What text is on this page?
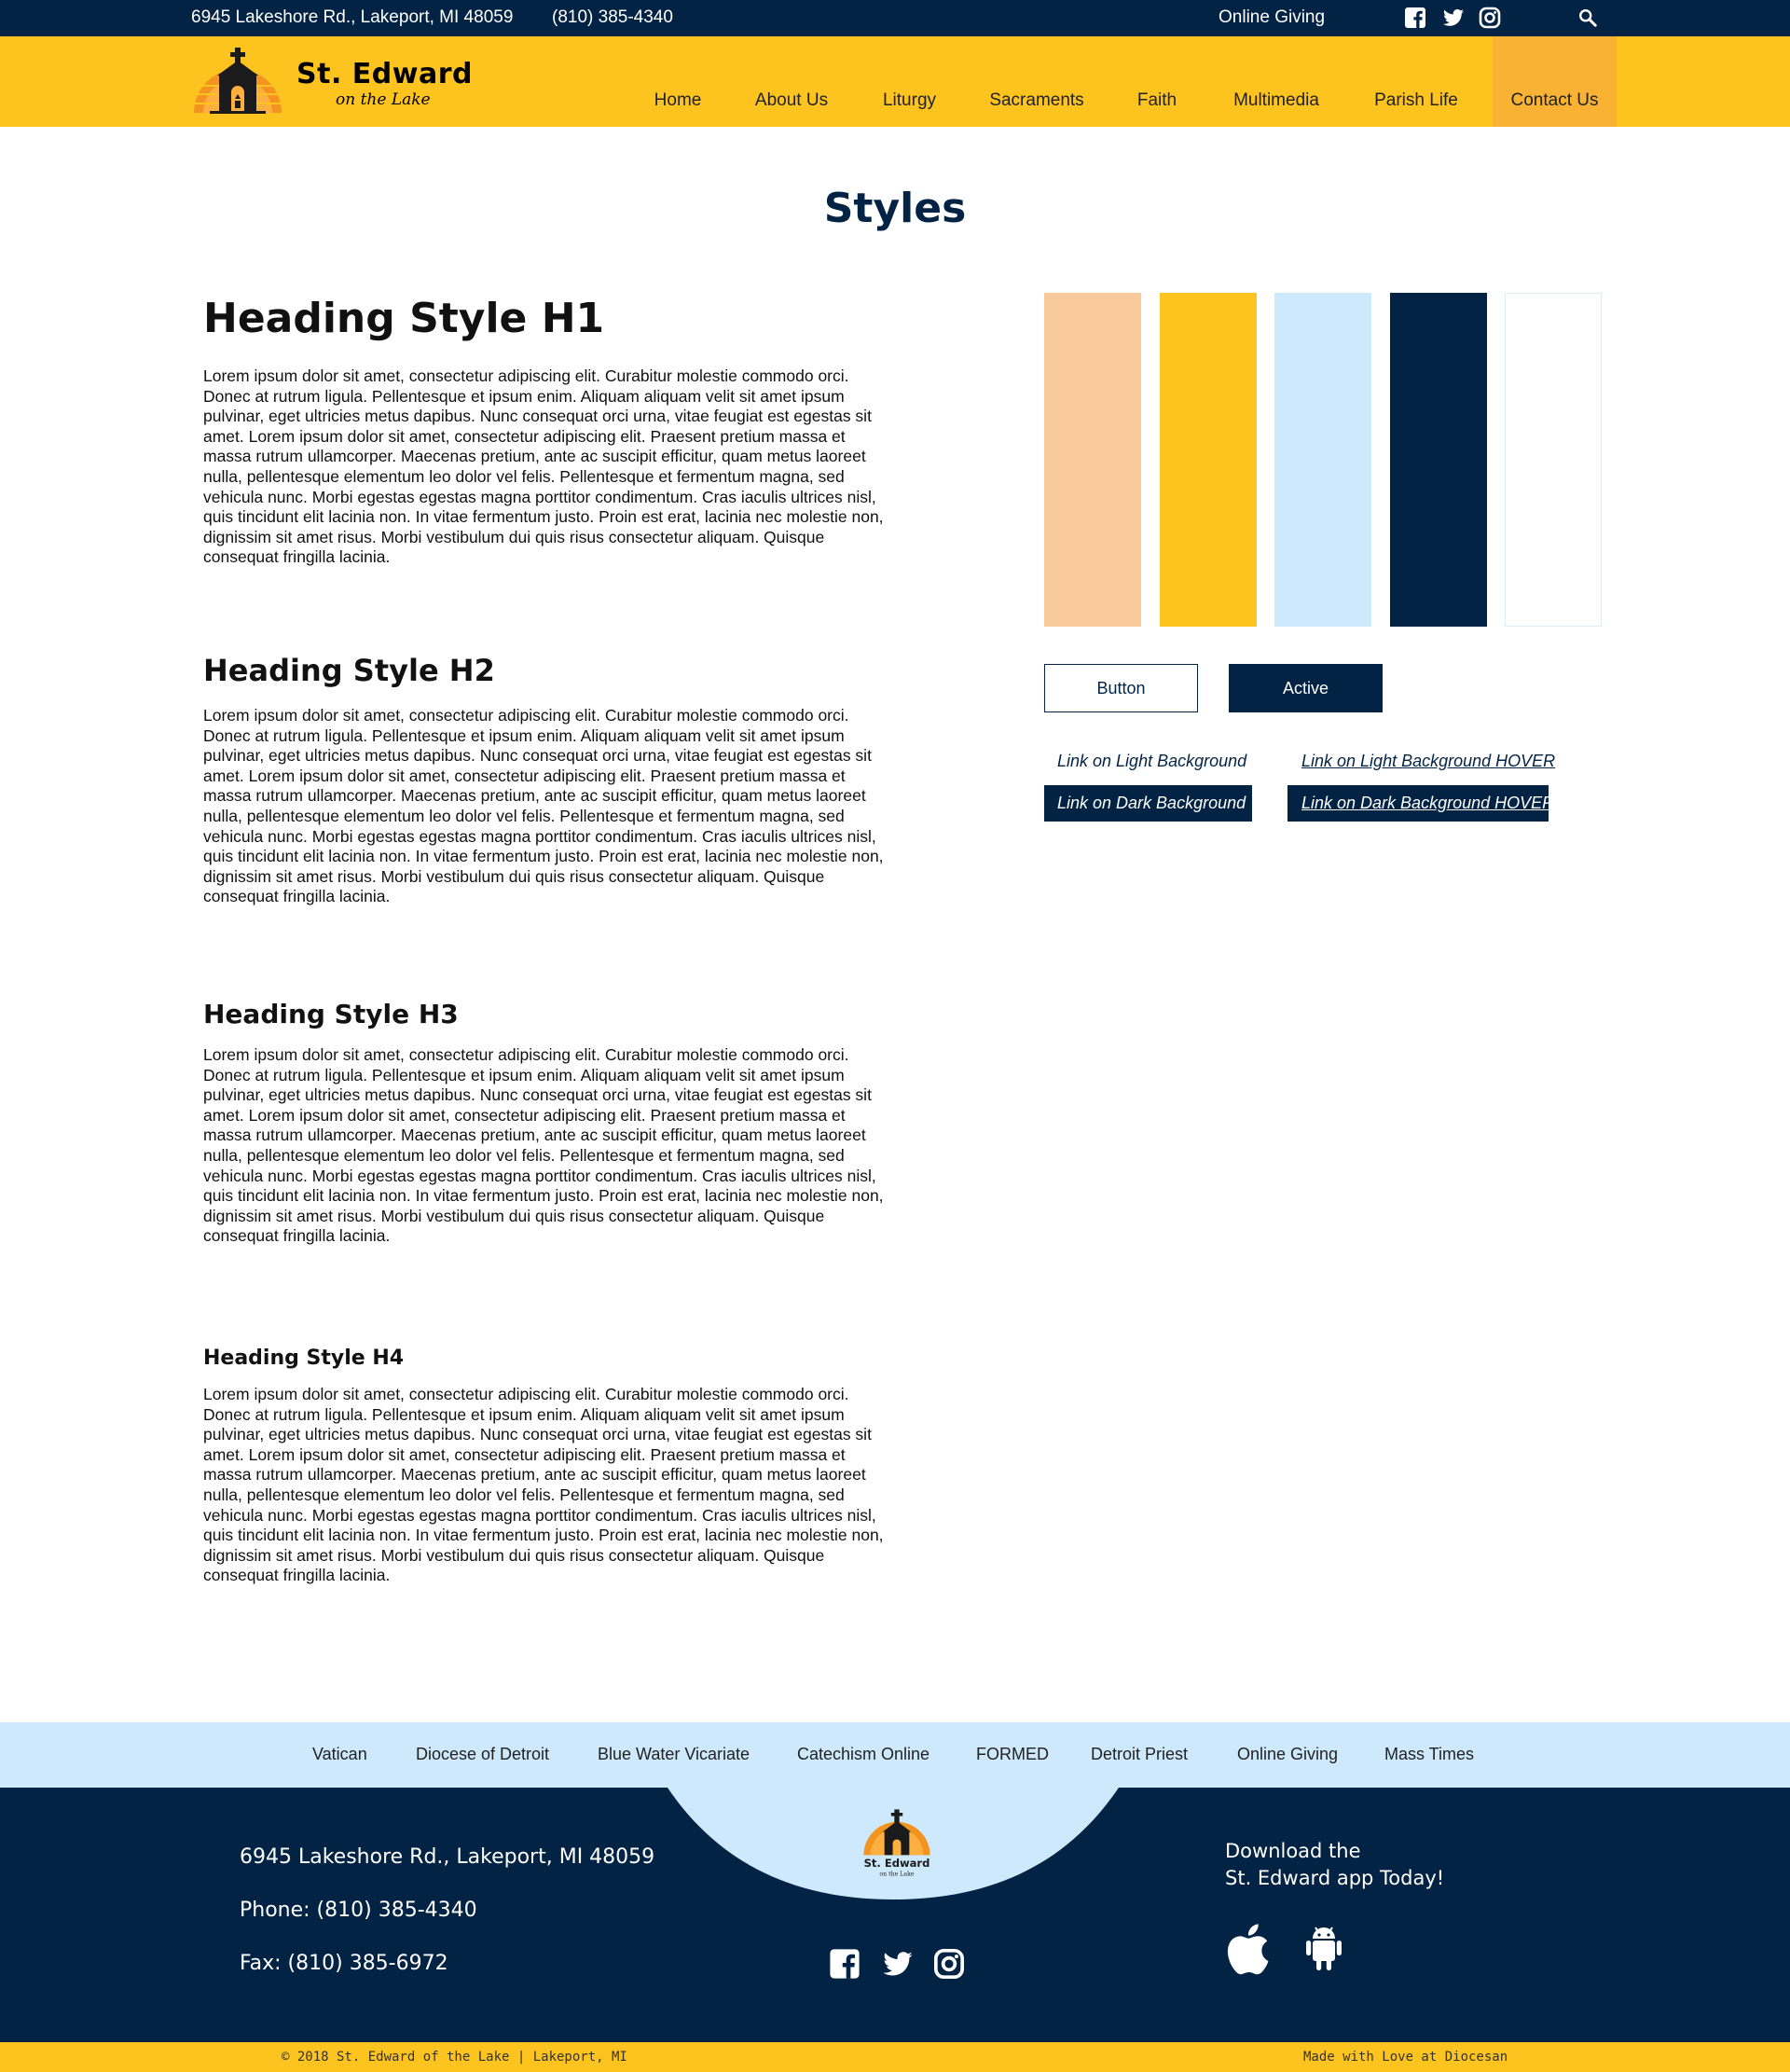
6945 Lakeshore Rd., Lakeport, MI 48059 (810) 385-4340	Online Giving
St. Edward
on the Lake	Home	About Us	Liturgy	Sacraments	Faith	Multimedia	Parish Life	Contact Us
Styles
Heading Style H1

Lorem ipsum dolor sit amet, consectetur adipiscing elit. Curabitur molestie commodo orci. Donec at rutrum ligula. Pellentesque et ipsum enim. Aliquam aliquam velit sit amet ipsum pulvinar, eget ultricies metus dapibus. Nunc consequat orci urna, vitae feugiat est egestas sit amet. Lorem ipsum dolor sit amet, consectetur adipiscing elit. Praesent pretium massa et massa rutrum ullamcorper. Maecenas pretium, ante ac suscipit efficitur, quam metus laoreet nulla, pellentesque elementum leo dolor vel felis. Pellentesque et fermentum magna, sed vehicula nunc. Morbi egestas egestas magna porttitor condimentum. Cras iaculis ultrices nisl, quis tincidunt elit lacinia non. In vitae fermentum justo. Proin est erat, lacinia nec molestie non, dignissim sit amet risus. Morbi vestibulum dui quis risus consectetur aliquam. Quisque consequat fringilla lacinia.

Heading Style H2

Lorem ipsum dolor sit amet, consectetur adipiscing elit. Curabitur molestie commodo orci. Donec at rutrum ligula. Pellentesque et ipsum enim. Aliquam aliquam velit sit amet ipsum pulvinar, eget ultricies metus dapibus. Nunc consequat orci urna, vitae feugiat est egestas sit amet. Lorem ipsum dolor sit amet, consectetur adipiscing elit. Praesent pretium massa et massa rutrum ullamcorper. Maecenas pretium, ante ac suscipit efficitur, quam metus laoreet nulla, pellentesque elementum leo dolor vel felis. Pellentesque et fermentum magna, sed vehicula nunc. Morbi egestas egestas magna porttitor condimentum. Cras iaculis ultrices nisl, quis tincidunt elit lacinia non. In vitae fermentum justo. Proin est erat, lacinia nec molestie non, dignissim sit amet risus. Morbi vestibulum dui quis risus consectetur aliquam. Quisque consequat fringilla lacinia.

Heading Style H3

Lorem ipsum dolor sit amet, consectetur adipiscing elit. Curabitur molestie commodo orci. Donec at rutrum ligula. Pellentesque et ipsum enim. Aliquam aliquam velit sit amet ipsum pulvinar, eget ultricies metus dapibus. Nunc consequat orci urna, vitae feugiat est egestas sit amet. Lorem ipsum dolor sit amet, consectetur adipiscing elit. Praesent pretium massa et massa rutrum ullamcorper. Maecenas pretium, ante ac suscipit efficitur, quam metus laoreet nulla, pellentesque elementum leo dolor vel felis. Pellentesque et fermentum magna, sed vehicula nunc. Morbi egestas egestas magna porttitor condimentum. Cras iaculis ultrices nisl, quis tincidunt elit lacinia non. In vitae fermentum justo. Proin est erat, lacinia nec molestie non, dignissim sit amet risus. Morbi vestibulum dui quis risus consectetur aliquam. Quisque consequat fringilla lacinia.

Heading Style H4

Lorem ipsum dolor sit amet, consectetur adipiscing elit. Curabitur molestie commodo orci. Donec at rutrum ligula. Pellentesque et ipsum enim. Aliquam aliquam velit sit amet ipsum pulvinar, eget ultricies metus dapibus. Nunc consequat orci urna, vitae feugiat est egestas sit amet. Lorem ipsum dolor sit amet, consectetur adipiscing elit. Praesent pretium massa et massa rutrum ullamcorper. Maecenas pretium, ante ac suscipit efficitur, quam metus laoreet nulla, pellentesque elementum leo dolor vel felis. Pellentesque et fermentum magna, sed vehicula nunc. Morbi egestas egestas magna porttitor condimentum. Cras iaculis ultrices nisl, quis tincidunt elit lacinia non. In vitae fermentum justo. Proin est erat, lacinia nec molestie non, dignissim sit amet risus. Morbi vestibulum dui quis risus consectetur aliquam. Quisque consequat fringilla lacinia.

Button	Active
Link on Light Background	Link on Light Background HOVER
Link on Dark Background	Link on Dark Background HOVER
Vatican	Diocese of Detroit	Blue Water Vicariate	Catechism Online	FORMED	Detroit Priest	Online Giving	Mass Times
6945 Lakeshore Rd., Lakeport, MI 48059
Phone: (810) 385-4340
Fax: (810) 385-6972
Download the
St. Edward app Today!
St. Edward
on the Lake
© 2018 St. Edward of the Lake | Lakeport, MI	Made with Love at Diocesan
